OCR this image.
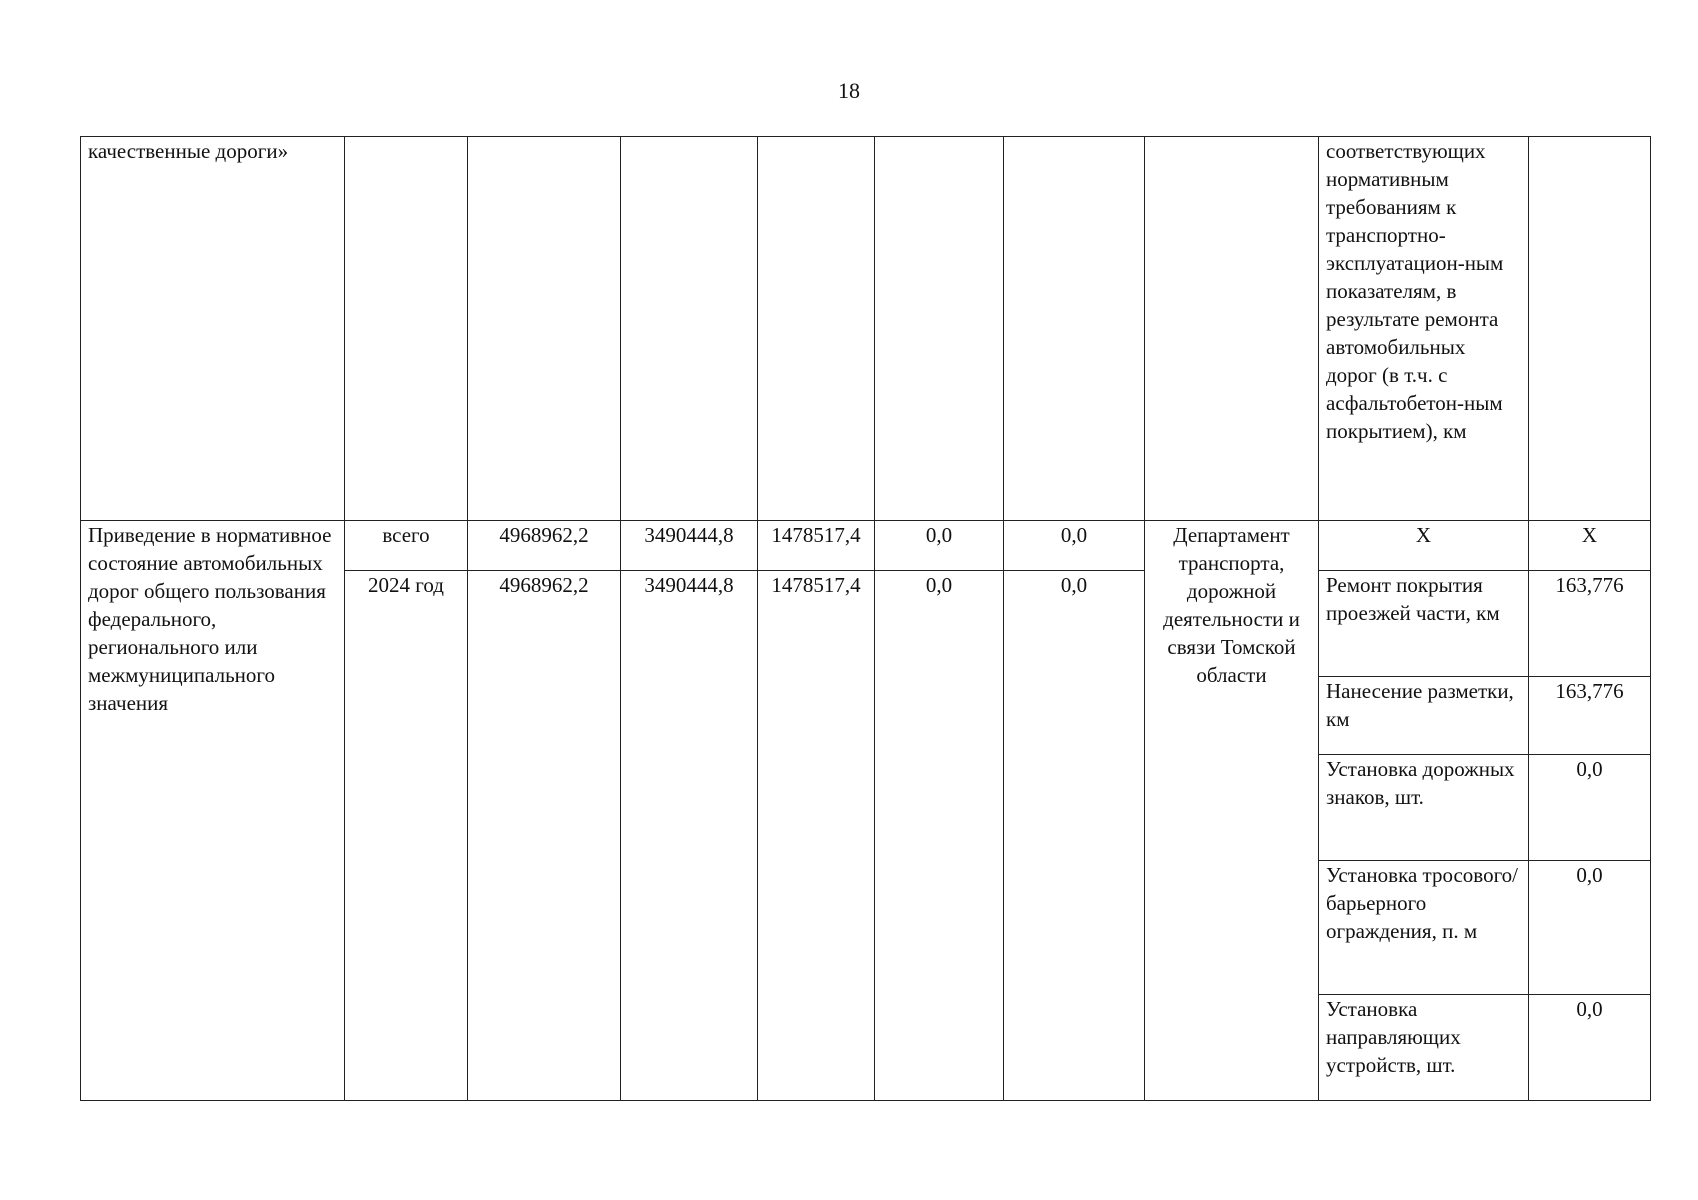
18
качественные дороги»								соответствующих нормативным требованиям к транспортно-эксплуатацион-ным показателям, в результате ремонта автомобильных дорог (в т.ч. с асфальтобетон-ным покрытием), км	
Приведение в нормативное состояние автомобильных дорог общего пользования федерального, регионального или межмуниципального значения	всего	4968962,2	3490444,8	1478517,4	0,0	0,0	Департамент транспорта, дорожной деятельности и связи Томской области	Х	Х
	2024 год	4968962,2	3490444,8	1478517,4	0,0	0,0		Ремонт покрытия проезжей части, км	163,776
								Нанесение разметки, км	163,776
								Установка дорожных знаков, шт.	0,0
								Установка тросового/ барьерного ограждения, п. м	0,0
								Установка направляющих устройств, шт.	0,0
